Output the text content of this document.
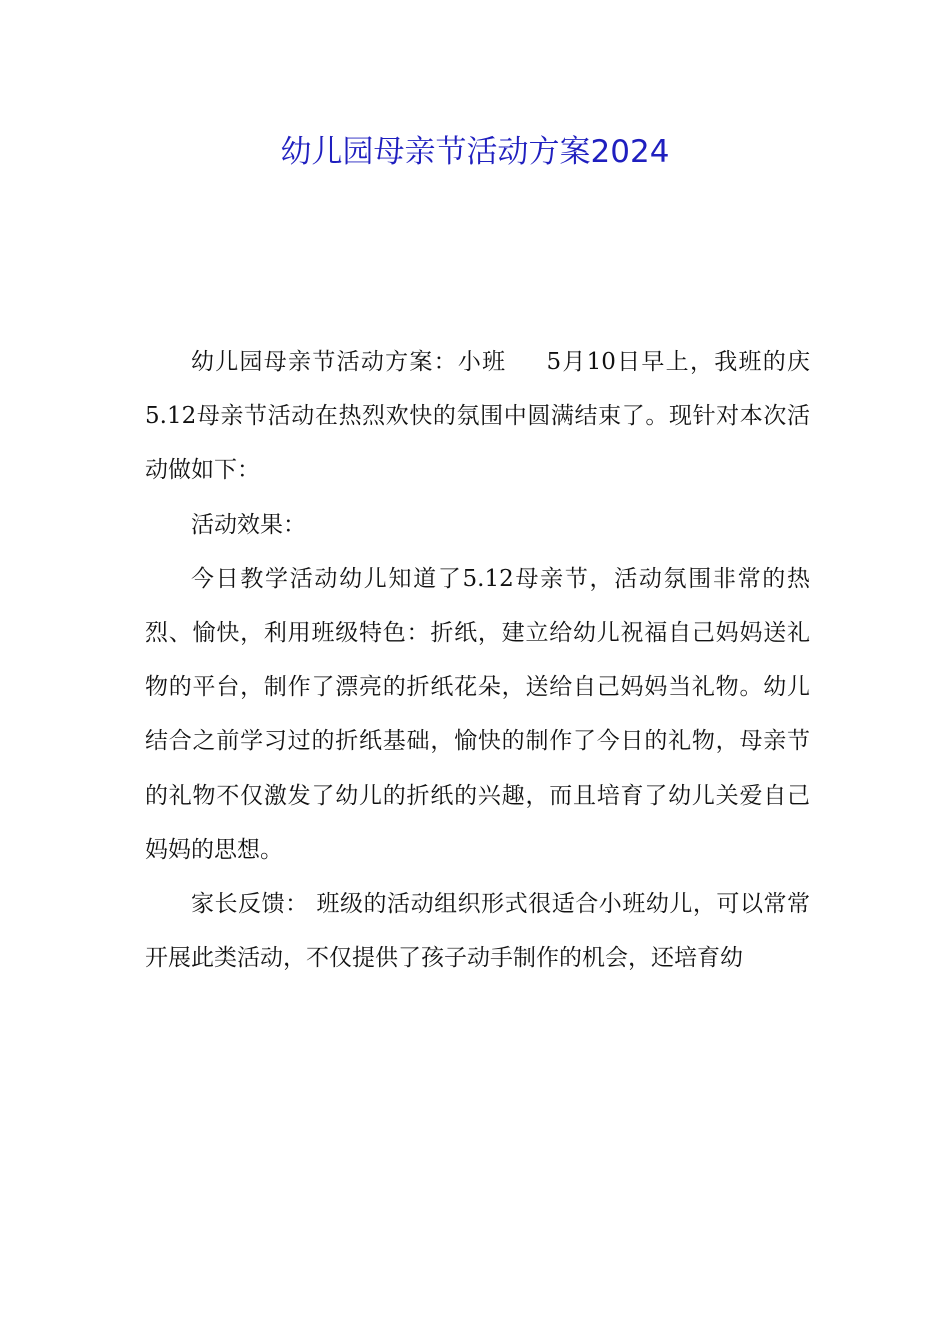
幼儿园母亲节活动方案2024

幼儿园母亲节活动方案：小班 5月10日早上，我班的庆5.12母亲节活动在热烈欢快的氛围中圆满结束了。现针对本次活动做如下：

活动效果：

今日教学活动幼儿知道了5.12母亲节，活动氛围非常的热烈、愉快，利用班级特色：折纸，建立给幼儿祝福自己妈妈送礼物的平台，制作了漂亮的折纸花朵，送给自己妈妈当礼物。幼儿结合之前学习过的折纸基础，愉快的制作了今日的礼物，母亲节的礼物不仅激发了幼儿的折纸的兴趣，而且培育了幼儿关爱自己妈妈的思想。

家长反馈： 班级的活动组织形式很适合小班幼儿，可以常常开展此类活动，不仅提供了孩子动手制作的机会，还培育幼
